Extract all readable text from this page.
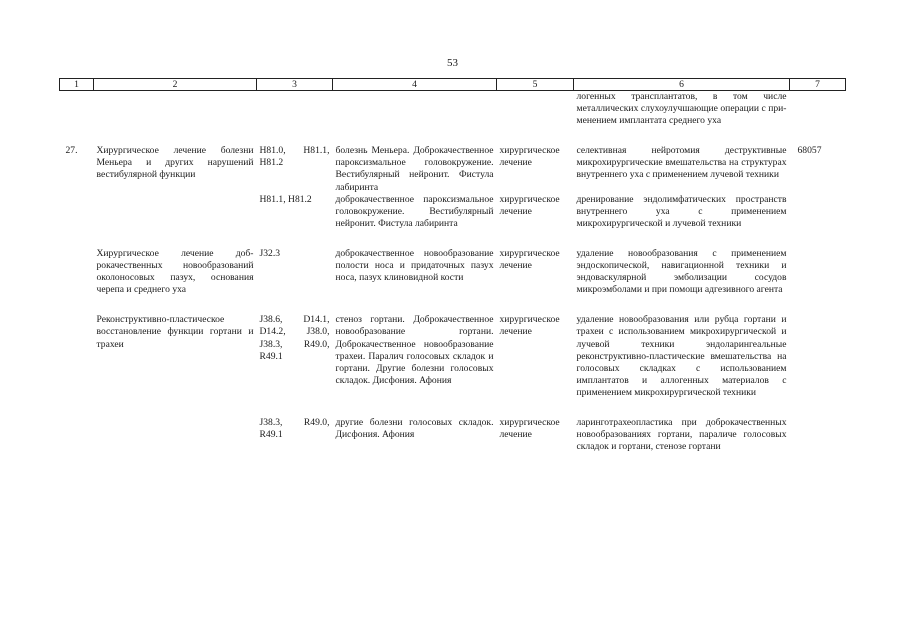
53
1	2	3	4	5	6	7
					логенных трансплантатов, в том числе металлических слухоулучшающие операции с применением имплантата среднего уха	

27.	Хирургическое лечение болезни Меньера и других нарушений вестибулярной функции	H81.0, H81.1, H81.2	болезнь Меньера. Доброкачественное пароксизмальное головокружение. Вестибулярный нейронит. Фистула лабиринта	хирургическое лечение	селективная нейротомия деструктивные микрохирургические вмешательства на структурах внутреннего уха с применением лучевой техники	68057
		H81.1, H81.2	доброкачественное пароксизмальное головокружение. Вестибулярный нейронит. Фистула лабиринта	хирургическое лечение	дренирование эндолимфатических пространств внутреннего уха с применением микрохирургической и лучевой техники	

	Хирургическое лечение доброкачественных новообразований околоносовых пазух, основания черепа и среднего уха	J32.3	доброкачественное новообразование полости носа и придаточных пазух носа, пазух клиновидной кости	хирургическое лечение	удаление новообразования с применением эндоскопической, навигационной техники и эндоваскулярной эмболизации сосудов микроэмболами и при помощи адгезивного агента	

	Реконструктивно-пластическое восстановление функции гортани и трахеи	J38.6, D14.1, D14.2, J38.0, J38.3, R49.0, R49.1	стеноз гортани. Доброкачественное новообразование гортани. Доброкачественное новообразование трахеи. Паралич голосовых складок и гортани. Другие болезни голосовых складок. Дисфония. Афония	хирургическое лечение	удаление новообразования или рубца гортани и трахеи с использованием микрохирургической и лучевой техники эндоларингеальные реконструктивно-пластические вмешательства на голосовых складках с использованием имплантатов и аллогенных материалов с применением микрохирургической техники	

		J38.3, R49.0, R49.1	другие болезни голосовых складок. Дисфония. Афония	хирургическое лечение	ларинготрахеопластика при доброкачественных новообразованиях гортани, параличе голосовых складок и гортани, стенозе гортани	
